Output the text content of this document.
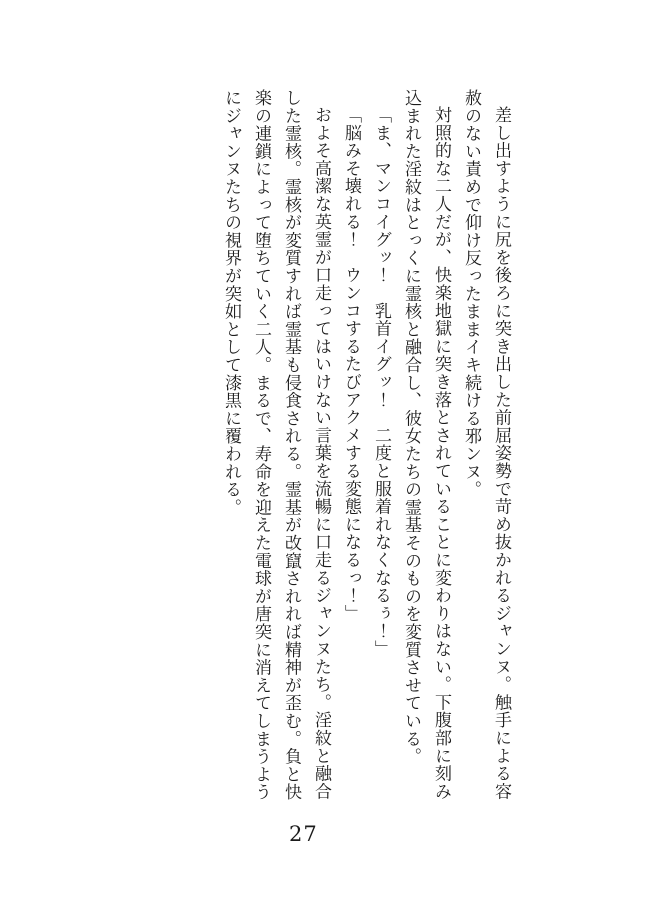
差し出すように尻を後ろに突き出した前屈姿勢で苛め抜かれるジャンヌ。触手による容赦のない責めで仰け反ったままイキ続ける邪ンヌ。

対照的な二人だが、快楽地獄に突き落とされていることに変わりはない。下腹部に刻み込まれた淫紋はとっくに霊核と融合し、彼女たちの霊基そのものを変質させている。

「ま、マンコイグッ！　乳首イグッ！　二度と服着れなくなるぅ！」

「脳みそ壊れる！　ウンコするたびアクメする変態になるっ！」

およそ高潔な英霊が口走ってはいけない言葉を流暢に口走るジャンヌたち。淫紋と融合した霊核。霊核が変質すれば霊基も侵食される。霊基が改竄されれば精神が歪む。負と快楽の連鎖によって堕ちていく二人。まるで、寿命を迎えた電球が唐突に消えてしまうようにジャンヌたちの視界が突如として漆黒に覆われる。

27
